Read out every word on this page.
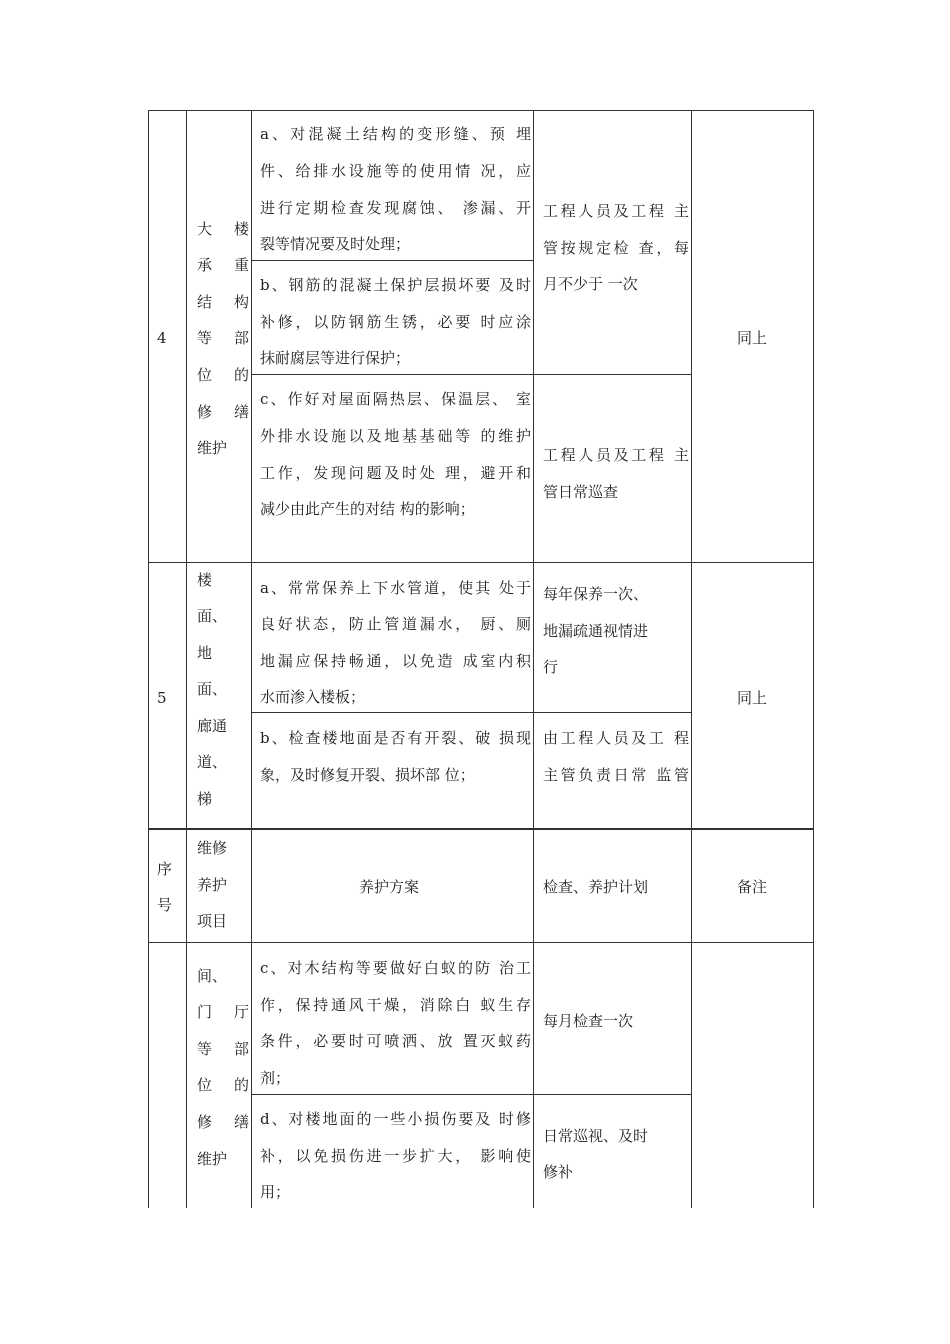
4
大楼
承重
结构
等部
位的
修缮
维护
a、对混凝土结构的变形缝、预 埋
件、给排水设施等的使用情 况，应
进行定期检查发现腐蚀、 渗漏、开
裂等情况要及时处理；
b、钢筋的混凝土保护层损坏要 及时
补修，以防钢筋生锈，必要 时应涂
抹耐腐层等进行保护；
c、作好对屋面隔热层、保温层、 室
外排水设施以及地基基础等 的维护
工作，发现问题及时处 理，避开和
减少由此产生的对结 构的影响；
工程人员及工程 主
管按规定检 查，每
月不少于 一次
工程人员及工程 主
管日常巡查
同上
5
楼
面、
地
面、
廊通
道、
梯
a、常常保养上下水管道，使其 处于
良好状态，防止管道漏水， 厨、厕
地漏应保持畅通，以免造 成室内积
水而渗入楼板；
b、检查楼地面是否有开裂、破 损现
象，及时修复开裂、损坏部 位；
每年保养一次、
地漏疏通视情进
行
由工程人员及工 程
主管负责日常 监管
同上
序
号
维修
养护
项目
养护方案	检查、养护计划	备注
间、
门厅
等部
位的
修缮
维护
c、对木结构等要做好白蚁的防 治工
作，保持通风干燥，消除白 蚁生存
条件，必要时可喷洒、放 置灭蚁药
剂；
d、对楼地面的一些小损伤要及 时修
补，以免损伤进一步扩大， 影响使
用；
每月检查一次
日常巡视、及时
修补
